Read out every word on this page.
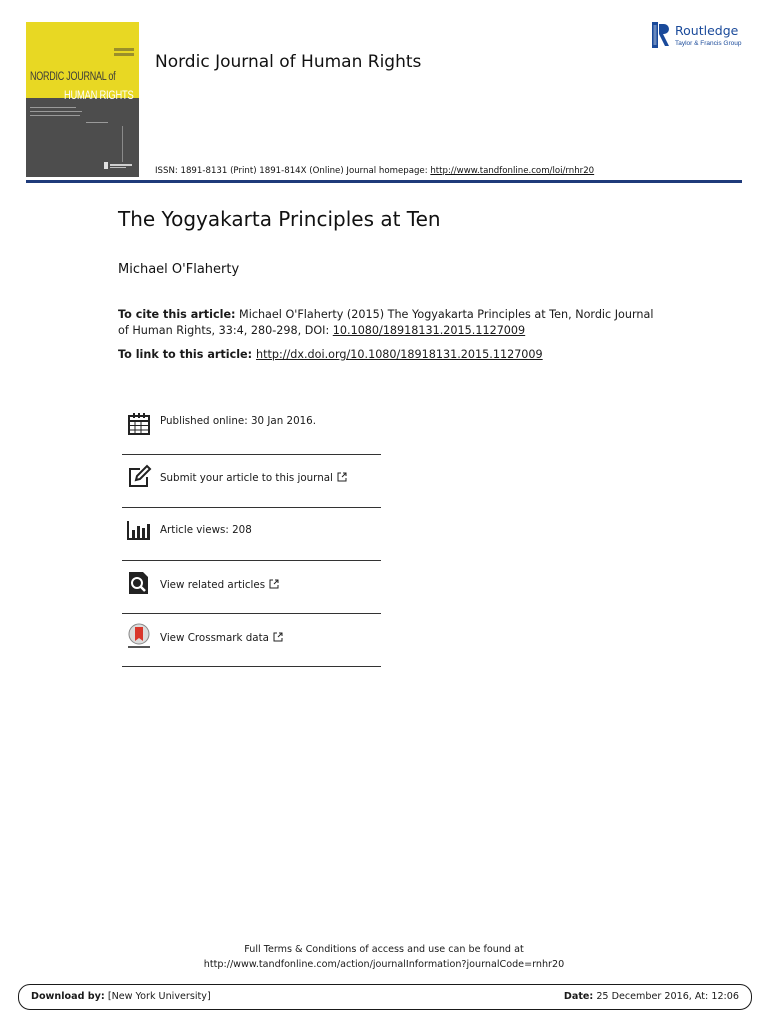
NORDIC JOURNAL of
HUMAN RIGHTS
Nordic Journal of Human Rights
Routledge
Taylor & Francis Group
ISSN: 1891-8131 (Print) 1891-814X (Online) Journal homepage: http://www.tandfonline.com/loi/rnhr20
The Yogyakarta Principles at Ten
Michael O'Flaherty
To cite this article: Michael O'Flaherty (2015) The Yogyakarta Principles at Ten, Nordic Journal of Human Rights, 33:4, 280-298, DOI: 10.1080/18918131.2015.1127009
To link to this article: http://dx.doi.org/10.1080/18918131.2015.1127009
Published online: 30 Jan 2016.
Submit your article to this journal
Article views: 208
View related articles
View Crossmark data
Full Terms & Conditions of access and use can be found at
http://www.tandfonline.com/action/journalInformation?journalCode=rnhr20
Download by: [New York University]	Date: 25 December 2016, At: 12:06
